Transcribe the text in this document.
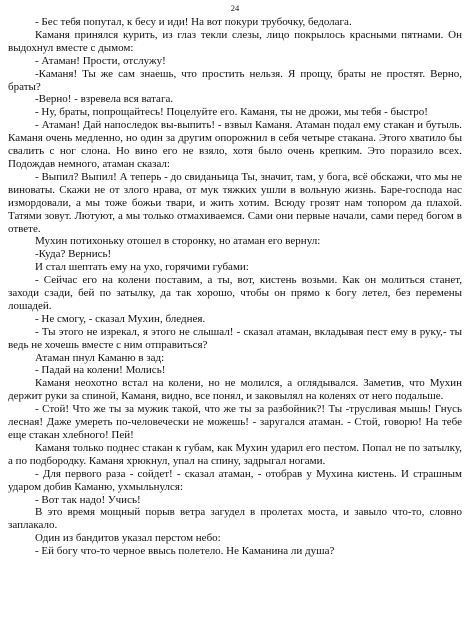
24

- Бес тебя попутал, к бесу и иди! На вот покури трубочку, бедолага.

Каманя принялся курить, из глаз текли слезы, лицо покрылось красными пятнами. Он выдохнул вместе с дымом:

- Атаман! Прости, отслужу!

-Каманя! Ты же сам знаешь, что простить нельзя. Я прощу, браты не простят. Верно, браты?

-Верно! - взревела вся ватага.

- Ну, браты, попрощайтесь! Поцелуйте его. Каманя, ты не дрожи, мы тебя - быстро!

- Атаман! Дай напоследок вы-выпить! - взвыл Каманя. Атаман подал ему стакан и бутыль. Каманя очень медленно, но один за другим опорожнил в себя четыре стакана. Этого хватило бы свалить с ног слона. Но вино его не взяло, хотя было очень крепким. Это поразило всех. Подождав немного, атаман сказал:

- Выпил? Выпил! А теперь - до свиданьица Ты, значит, там, у бога, всё обскажи, что мы не виноваты. Скажи не от злого нрава, от мук тяжких ушли в вольную жизнь. Баре-господа нас измордовали, а мы тоже божьи твари, и жить хотим. Всюду грозят нам топором да плахой. Татями зовут. Лютуют, а мы только отмахиваемся. Сами они первые начали, сами перед богом в ответе.

Мухин потихоньку отошел в сторонку, но атаман его вернул:

-Куда? Вернись!

И стал шептать ему на ухо, горячими губами:

- Сейчас его на колени поставим, а ты, вот, кистень возьми. Как он молиться станет, заходи сзади, бей по затылку, да так хорошо, чтобы он прямо к богу летел, без перемены лошадей.

- Не смогу, - сказал Мухин, бледнея.

- Ты этого не изрекал, я этого не слышал! - сказал атаман, вкладывая пест ему в руку,- ты ведь не хочешь вместе с ним отправиться?

Атаман пнул Каманю в зад:

- Падай на колени! Молись!

Каманя неохотно встал на колени, но не молился, а оглядывался. Заметив, что Мухин держит руки за спиной, Каманя, видно, все понял, и заковылял на коленях от него подальше.

- Стой! Что же ты за мужик такой, что же ты за разбойник?! Ты -трусливая мышь! Гнусь лесная! Даже умереть по-человечески не можешь! - заругался атаман. - Стой, говорю! На тебе еще стакан хлебного! Пей!

Каманя только поднес стакан к губам, как Мухин ударил его пестом. Попал не по затылку, а по подбородку. Каманя хрюкнул, упал на спину, задрыгал ногами.

- Для первого раза - сойдет! - сказал атаман, - отобрав у Мухина кистень. И страшным ударом добив Каманю, ухмыльнулся:

- Вот так надо! Учись!

В это время мощный порыв ветра загудел в пролетах моста, и завыло что-то, словно заплакало.

Один из бандитов указал перстом небо:

- Ей богу что-то черное ввысь полетело. Не Каманина ли душа?
